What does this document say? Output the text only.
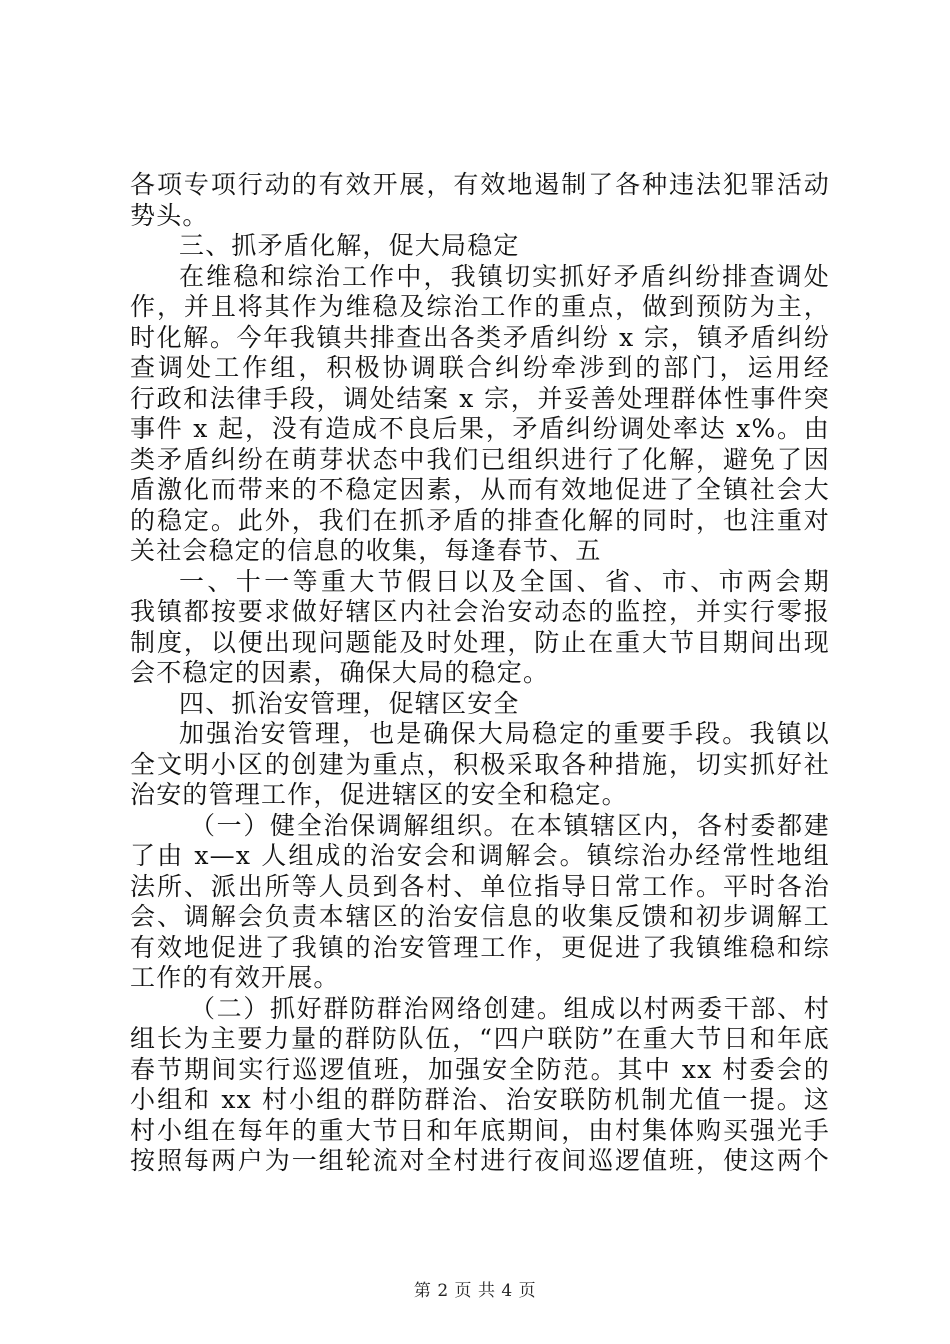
各项专项行动的有效开展，有效地遏制了各种违法犯罪活动
势头。
三、抓矛盾化解，促大局稳定
在维稳和综治工作中，我镇切实抓好矛盾纠纷排查调处
作，并且将其作为维稳及综治工作的重点，做到预防为主，
时化解。今年我镇共排查出各类矛盾纠纷 x 宗，镇矛盾纠纷
查调处工作组，积极协调联合纠纷牵涉到的部门，运用经
行政和法律手段，调处结案 x 宗，并妥善处理群体性事件突
事件 x 起，没有造成不良后果，矛盾纠纷调处率达 x%。由
类矛盾纠纷在萌芽状态中我们已组织进行了化解，避免了因
盾激化而带来的不稳定因素，从而有效地促进了全镇社会大
的稳定。此外，我们在抓矛盾的排查化解的同时，也注重对
关社会稳定的信息的收集，每逢春节、五
一、十一等重大节假日以及全国、省、市、市两会期
我镇都按要求做好辖区内社会治安动态的监控，并实行零报
制度，以便出现问题能及时处理，防止在重大节目期间出现
会不稳定的因素，确保大局的稳定。
四、抓治安管理，促辖区安全
加强治安管理，也是确保大局稳定的重要手段。我镇以
全文明小区的创建为重点，积极采取各种措施，切实抓好社
治安的管理工作，促进辖区的安全和稳定。
（一）健全治保调解组织。在本镇辖区内，各村委都建
了由 x—x 人组成的治安会和调解会。镇综治办经常性地组
法所、派出所等人员到各村、单位指导日常工作。平时各治
会、调解会负责本辖区的治安信息的收集反馈和初步调解工
有效地促进了我镇的治安管理工作，更促进了我镇维稳和综
工作的有效开展。
（二）抓好群防群治网络创建。组成以村两委干部、村
组长为主要力量的群防队伍，“四户联防”在重大节日和年底
春节期间实行巡逻值班，加强安全防范。其中 xx 村委会的
小组和 xx 村小组的群防群治、治安联防机制尤值一提。这
村小组在每年的重大节日和年底期间，由村集体购买强光手
按照每两户为一组轮流对全村进行夜间巡逻值班，使这两个
第 2 页 共 4 页
